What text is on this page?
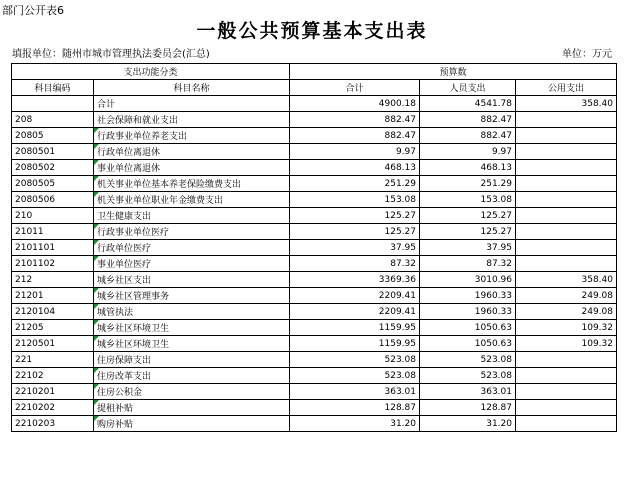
部门公开表6
一般公共预算基本支出表
填报单位：随州市城市管理执法委员会(汇总)	单位：万元
支出功能分类		预算数		
科目编码	科目名称	合计	人员支出	公用支出
	合计	4900.18	4541.78	358.40
208	社会保障和就业支出	882.47	882.47	
20805	行政事业单位养老支出	882.47	882.47	
2080501	行政单位离退休	9.97	9.97	
2080502	事业单位离退休	468.13	468.13	
2080505	机关事业单位基本养老保险缴费支出	251.29	251.29	
2080506	机关事业单位职业年金缴费支出	153.08	153.08	
210	卫生健康支出	125.27	125.27	
21011	行政事业单位医疗	125.27	125.27	
2101101	行政单位医疗	37.95	37.95	
2101102	事业单位医疗	87.32	87.32	
212	城乡社区支出	3369.36	3010.96	358.40
21201	城乡社区管理事务	2209.41	1960.33	249.08
2120104	城管执法	2209.41	1960.33	249.08
21205	城乡社区环境卫生	1159.95	1050.63	109.32
2120501	城乡社区环境卫生	1159.95	1050.63	109.32
221	住房保障支出	523.08	523.08	
22102	住房改革支出	523.08	523.08	
2210201	住房公积金	363.01	363.01	
2210202	提租补贴	128.87	128.87	
2210203	购房补贴	31.20	31.20	
